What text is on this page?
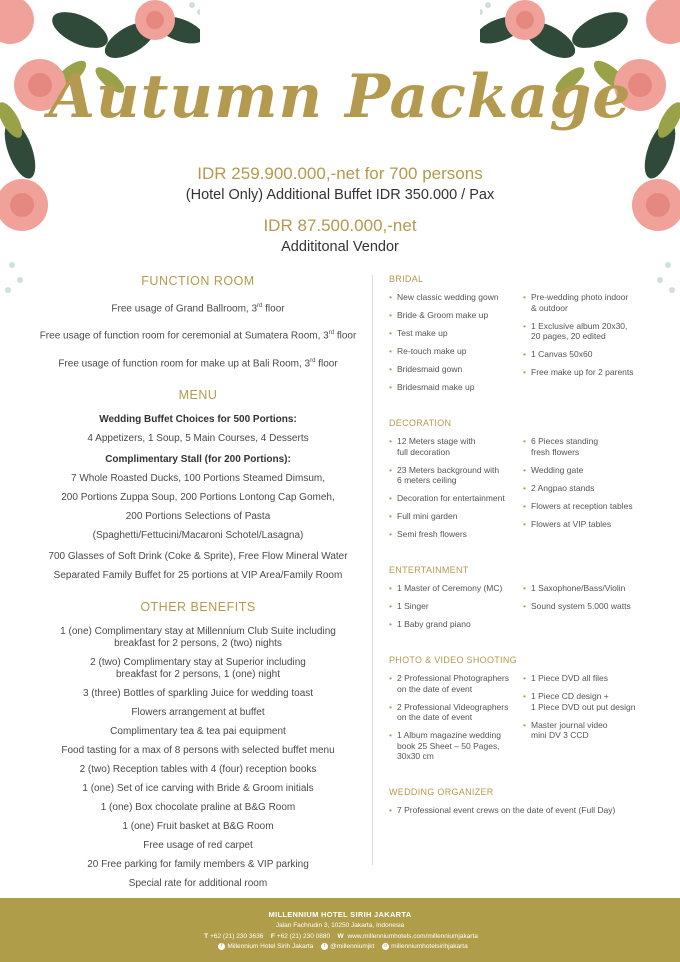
Autumn Package
IDR 259.900.000,-net for 700 persons
(Hotel Only) Additional Buffet IDR 350.000 / Pax
IDR 87.500.000,-net
Addititonal Vendor
FUNCTION ROOM
Free usage of Grand Ballroom, 3rd floor
Free usage of function room for ceremonial at Sumatera Room, 3rd floor
Free usage of function room for make up at Bali Room, 3rd floor
MENU
Wedding Buffet Choices for 500 Portions:
4 Appetizers, 1 Soup, 5 Main Courses, 4 Desserts
Complimentary Stall (for 200 Portions):
7 Whole Roasted Ducks, 100 Portions Steamed Dimsum,
200 Portions Zuppa Soup, 200 Portions Lontong Cap Gomeh,
200 Portions Selections of Pasta
(Spaghetti/Fettucini/Macaroni Schotel/Lasagna)
700 Glasses of Soft Drink (Coke & Sprite), Free Flow Mineral Water
Separated Family Buffet for 25 portions at VIP Area/Family Room
OTHER BENEFITS
1 (one) Complimentary stay at Millennium Club Suite including
breakfast for 2 persons, 2 (two) nights
2 (two) Complimentary stay at Superior including
breakfast for 2 persons, 1 (one) night
3 (three) Bottles of sparkling Juice for wedding toast
Flowers arrangement at buffet
Complimentary tea & tea pai equipment
Food tasting for a max of 8 persons with selected buffet menu
2 (two) Reception tables with 4 (four) reception books
1 (one) Set of ice carving with Bride & Groom initials
1 (one) Box chocolate praline at B&G Room
1 (one) Fruit basket at B&G Room
Free usage of red carpet
20 Free parking for family members & VIP parking
Special rate for additional room
BRIDAL
• New classic wedding gown
• Bride & Groom make up
• Test make up
• Re-touch make up
• Bridesmaid gown
• Bridesmaid make up
• Pre-wedding photo indoor
& outdoor
• 1 Exclusive album 20x30,
20 pages, 20 edited
• 1 Canvas 50x60
• Free make up for 2 parents
DECORATION
• 12 Meters stage with
full decoration
• 23 Meters background with
6 meters ceiling
• Decoration for entertainment
• Full mini garden
• Semi fresh flowers
• 6 Pieces standing
fresh flowers
• Wedding gate
• 2 Angpao stands
• Flowers at reception tables
• Flowers at VIP tables
ENTERTAINMENT
• 1 Master of Ceremony (MC)
• 1 Singer
• 1 Baby grand piano
• 1 Saxophone/Bass/Violin
• Sound system 5.000 watts
PHOTO & VIDEO SHOOTING
• 2 Professional Photographers
on the date of event
• 2 Professional Videographers
on the date of event
• 1 Album magazine wedding
book 25 Sheet – 50 Pages,
30x30 cm
• 1 Piece DVD all files
• 1 Piece CD design +
1 Piece DVD out put design
• Master journal video
mini DV 3 CCD
WEDDING ORGANIZER
• 7 Professional event crews on the date of event (Full Day)
MILLENNIUM HOTEL SIRIH JAKARTA
Jalan Fachrudin 3, 10250 Jakarta, Indonesia
T +62 (21) 230 3636 F +62 (21) 230 0880 W www.millenniumhotels.com/millenniumjakarta
f Millennium Hotel Sirih Jakarta t @millenniumjkt o millenniumhotelsirihjakarta
